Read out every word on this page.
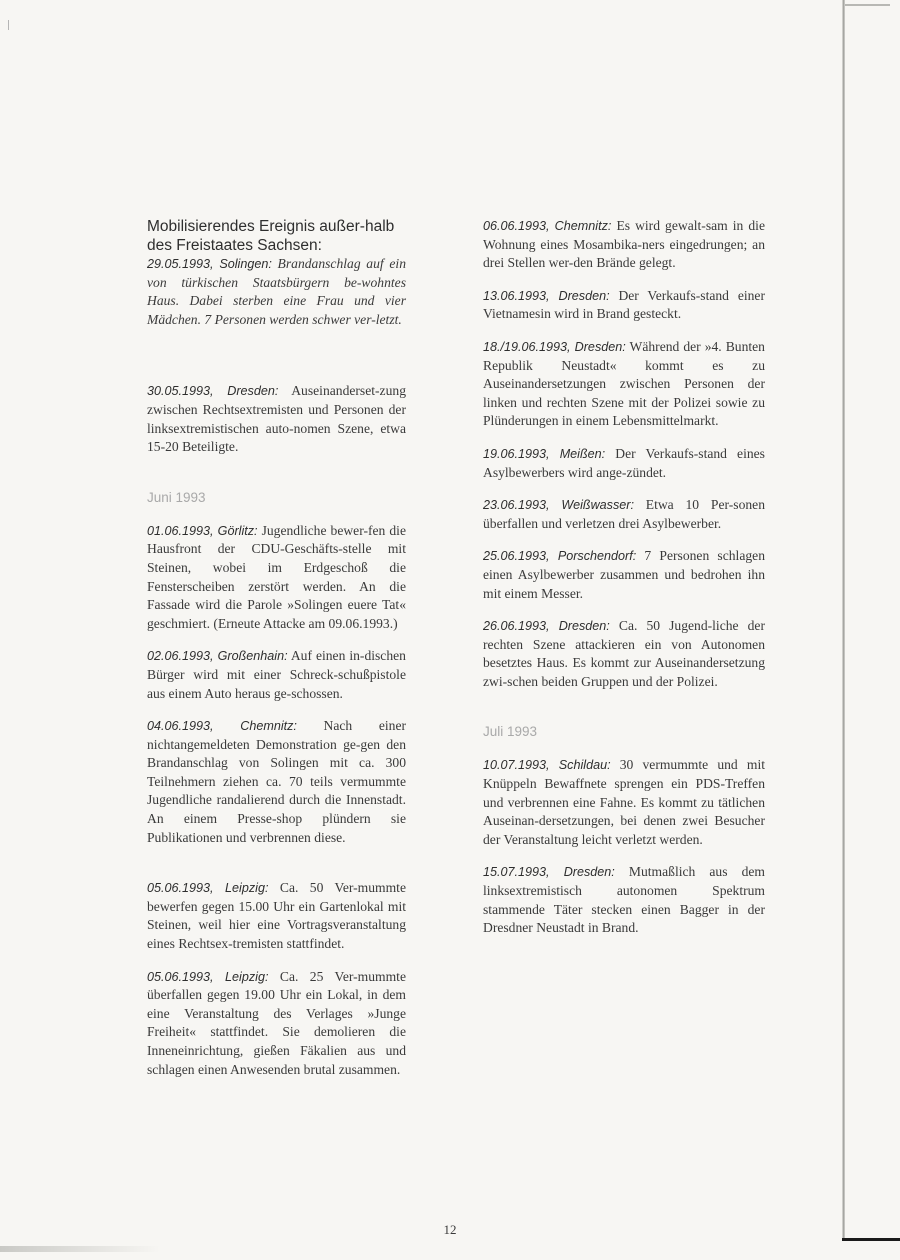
Mobilisierendes Ereignis außer-halb des Freistaates Sachsen:

29.05.1993, Solingen: Brandanschlag auf ein von türkischen Staatsbürgern be-wohntes Haus. Dabei sterben eine Frau und vier Mädchen. 7 Personen werden schwer ver-letzt.

30.05.1993, Dresden: Auseinanderset-zung zwischen Rechtsextremisten und Personen der linksextremistischen auto-nomen Szene, etwa 15-20 Beteiligte.

Juni 1993

01.06.1993, Görlitz: Jugendliche bewer-fen die Hausfront der CDU-Geschäfts-stelle mit Steinen, wobei im Erdgeschoß die Fensterscheiben zerstört werden. An die Fassade wird die Parole »Solingen euere Tat« geschmiert. (Erneute Attacke am 09.06.1993.)

02.06.1993, Großenhain: Auf einen in-dischen Bürger wird mit einer Schreck-schußpistole aus einem Auto heraus ge-schossen.

04.06.1993, Chemnitz: Nach einer nichtangemeldeten Demonstration ge-gen den Brandanschlag von Solingen mit ca. 300 Teilnehmern ziehen ca. 70 teils vermummte Jugendliche randalierend durch die Innenstadt. An einem Presse-shop plündern sie Publikationen und verbrennen diese.

05.06.1993, Leipzig: Ca. 50 Ver-mummte bewerfen gegen 15.00 Uhr ein Gartenlokal mit Steinen, weil hier eine Vortragsveranstaltung eines Rechtsex-tremisten stattfindet.

05.06.1993, Leipzig: Ca. 25 Ver-mummte überfallen gegen 19.00 Uhr ein Lokal, in dem eine Veranstaltung des Verlages »Junge Freiheit« stattfindet. Sie demolieren die Inneneinrichtung, gießen Fäkalien aus und schlagen einen Anwesenden brutal zusammen.

06.06.1993, Chemnitz: Es wird gewalt-sam in die Wohnung eines Mosambika-ners eingedrungen; an drei Stellen wer-den Brände gelegt.

13.06.1993, Dresden: Der Verkaufs-stand einer Vietnamesin wird in Brand gesteckt.

18./19.06.1993, Dresden: Während der »4. Bunten Republik Neustadt« kommt es zu Auseinandersetzungen zwischen Personen der linken und rechten Szene mit der Polizei sowie zu Plünderungen in einem Lebensmittelmarkt.

19.06.1993, Meißen: Der Verkaufs-stand eines Asylbewerbers wird ange-zündet.

23.06.1993, Weißwasser: Etwa 10 Per-sonen überfallen und verletzen drei Asylbewerber.

25.06.1993, Porschendorf: 7 Personen schlagen einen Asylbewerber zusammen und bedrohen ihn mit einem Messer.

26.06.1993, Dresden: Ca. 50 Jugend-liche der rechten Szene attackieren ein von Autonomen besetztes Haus. Es kommt zur Auseinandersetzung zwi-schen beiden Gruppen und der Polizei.

Juli 1993

10.07.1993, Schildau: 30 vermummte und mit Knüppeln Bewaffnete sprengen ein PDS-Treffen und verbrennen eine Fahne. Es kommt zu tätlichen Auseinan-dersetzungen, bei denen zwei Besucher der Veranstaltung leicht verletzt werden.

15.07.1993, Dresden: Mutmaßlich aus dem linksextremistisch autonomen Spektrum stammende Täter stecken einen Bagger in der Dresdner Neustadt in Brand.

12
